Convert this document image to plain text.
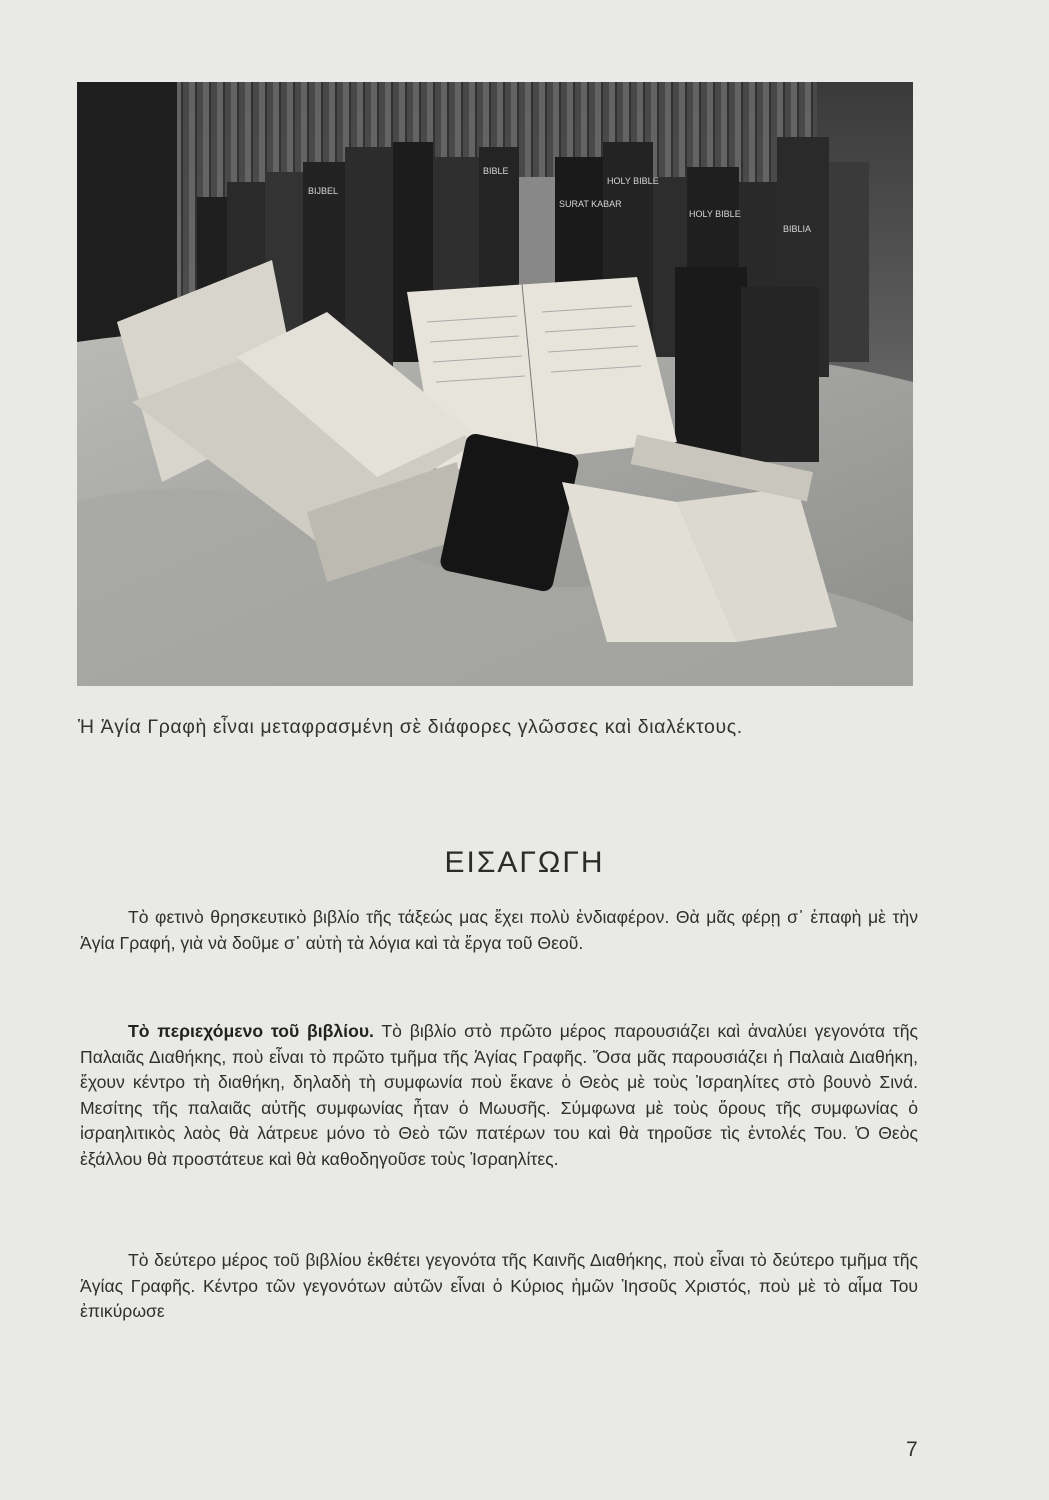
BIJBEL
HOLY BIBLE
SURAT KABAR
BIBLIA
BIBLE
HOLY BIBLE
Ἡ Ἁγία Γραφὴ εἶναι μεταφρασμένη σὲ διάφορες γλῶσσες καὶ διαλέκτους.
ΕΙΣΑΓΩΓΗ

Τὸ φετινὸ θρησκευτικὸ βιβλίο τῆς τάξεώς μας ἔχει πολὺ ἐνδιαφέρον. Θὰ μᾶς φέρῃ σ᾽ ἐπαφὴ μὲ τὴν Ἁγία Γραφή, γιὰ νὰ δοῦμε σ᾽ αὐτὴ τὰ λόγια καὶ τὰ ἔργα τοῦ Θεοῦ.

Τὸ περιεχόμενο τοῦ βιβλίου. Τὸ βιβλίο στὸ πρῶτο μέρος παρουσιάζει καὶ ἀναλύει γεγονότα τῆς Παλαιᾶς Διαθήκης, ποὺ εἶναι τὸ πρῶτο τμῆμα τῆς Ἁγίας Γραφῆς. Ὅσα μᾶς παρουσιάζει ἡ Παλαιὰ Διαθήκη, ἔχουν κέντρο τὴ διαθήκη, δηλαδὴ τὴ συμφωνία ποὺ ἔκανε ὁ Θεὸς μὲ τοὺς Ἰσραηλίτες στὸ βουνὸ Σινά. Μεσίτης τῆς παλαιᾶς αὐτῆς συμφωνίας ἦταν ὁ Μωυσῆς. Σύμφωνα μὲ τοὺς ὅρους τῆς συμφωνίας ὁ ἰσραηλιτικὸς λαὸς θὰ λάτρευε μόνο τὸ Θεὸ τῶν πατέρων του καὶ θὰ τηροῦσε τὶς ἐντολές Του. Ὁ Θεὸς ἐξάλλου θὰ προστάτευε καὶ θὰ καθοδηγοῦσε τοὺς Ἰσραηλίτες.

Τὸ δεύτερο μέρος τοῦ βιβλίου ἐκθέτει γεγονότα τῆς Καινῆς Διαθήκης, ποὺ εἶναι τὸ δεύτερο τμῆμα τῆς Ἁγίας Γραφῆς. Κέντρο τῶν γεγονότων αὐτῶν εἶναι ὁ Κύριος ἡμῶν Ἰησοῦς Χριστός, ποὺ μὲ τὸ αἷμα Του ἐπικύρωσε

7
